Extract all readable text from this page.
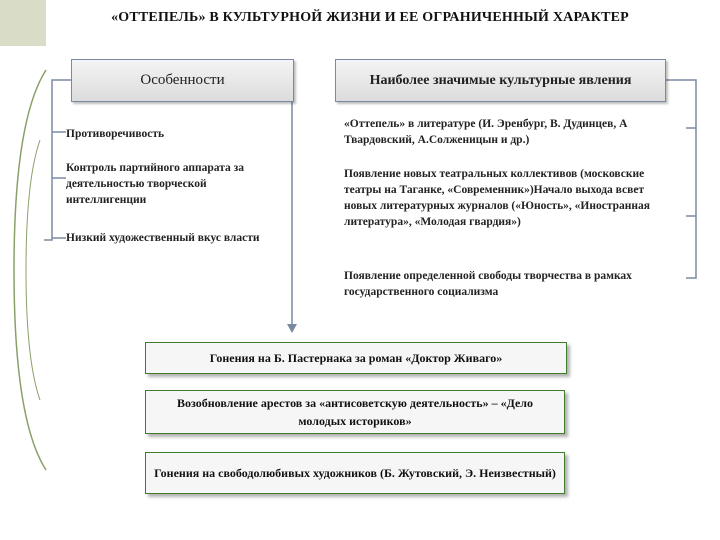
«ОТТЕПЕЛЬ» В КУЛЬТУРНОЙ ЖИЗНИ И ЕЕ ОГРАНИЧЕННЫЙ ХАРАКТЕР
Особенности	Наиболее значимые культурные явления
Противоречивость
Контроль партийного аппарата за деятельностью творческой интеллигенции
Низкий художественный вкус власти
«Оттепель» в литературе (И. Эренбург, В. Дудинцев, А Твардовский, А.Солженицын и др.)
Появление новых театральных коллективов (московские театры на Таганке, «Современник»)Начало выхода всвет новых литературных журналов («Юность», «Иностранная литература», «Молодая гвардия»)
Появление определенной свободы творчества в рамках государственного социализма
Гонения на Б. Пастернака за роман «Доктор Живаго»
Возобновление арестов за «антисоветскую деятельность» – «Дело молодых историков»
Гонения на свободолюбивых художников (Б. Жутовский, Э. Неизвестный)
